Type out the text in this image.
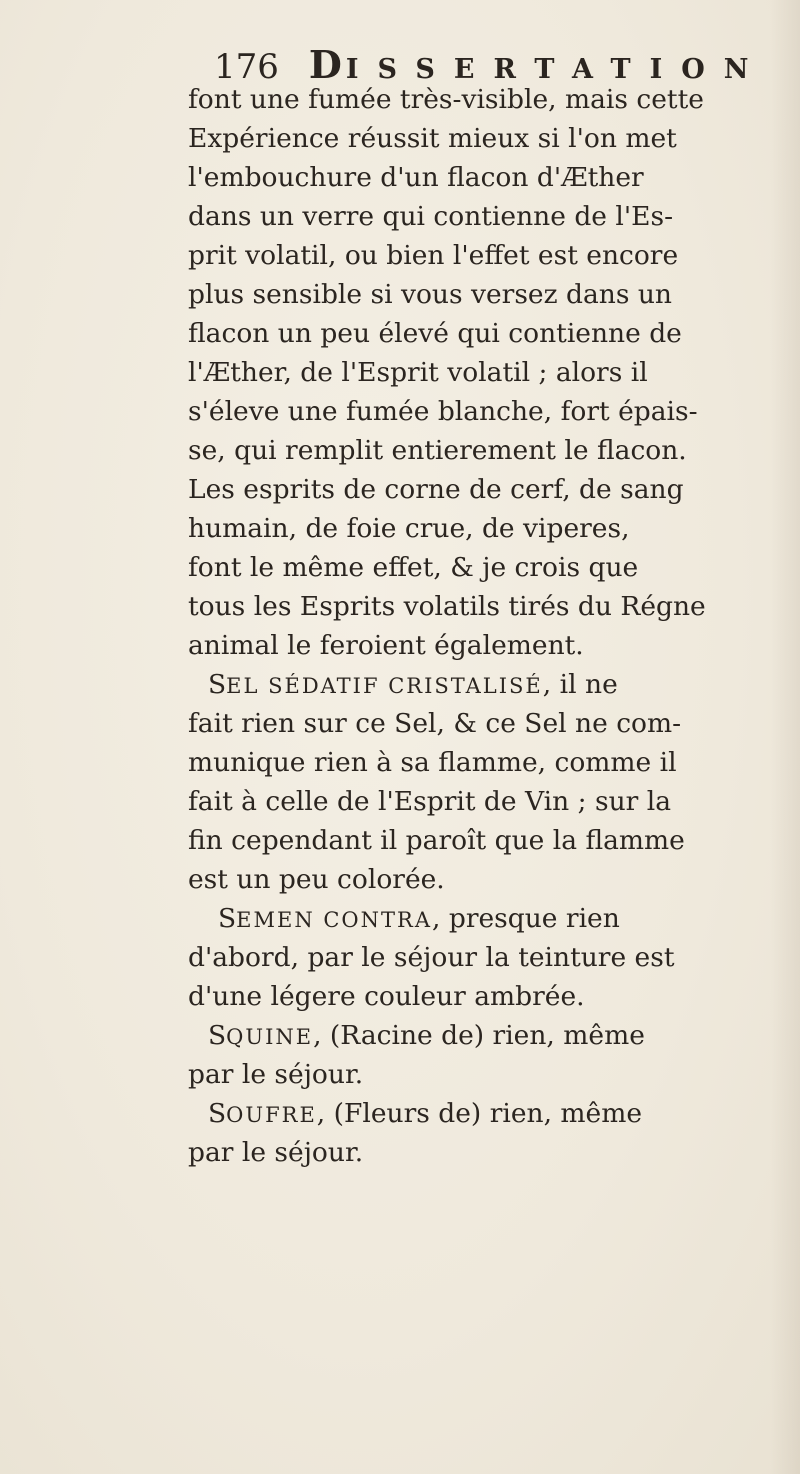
176 DISSERTATION
font une fumée très-visible, mais cette
Expérience réussit mieux si l'on met
l'embouchure d'un flacon d'Æther
dans un verre qui contienne de l'Es-
prit volatil, ou bien l'effet est encore
plus sensible si vous versez dans un
flacon un peu élevé qui contienne de
l'Æther, de l'Esprit volatil ; alors il
s'éleve une fumée blanche, fort épais-
se, qui remplit entierement le flacon.
Les esprits de corne de cerf, de sang
humain, de foie crue, de viperes,
font le même effet, & je crois que
tous les Esprits volatils tirés du Régne
animal le feroient également.
SEL SÉDATIF CRISTALISÉ, il ne
fait rien sur ce Sel, & ce Sel ne com-
munique rien à sa flamme, comme il
fait à celle de l'Esprit de Vin ; sur la
fin cependant il paroît que la flamme
est un peu colorée.
SEMEN CONTRA, presque rien
d'abord, par le séjour la teinture est
d'une légere couleur ambrée.
SQUINE, (Racine de) rien, même
par le séjour.
SOUFRE, (Fleurs de) rien, même
par le séjour.
